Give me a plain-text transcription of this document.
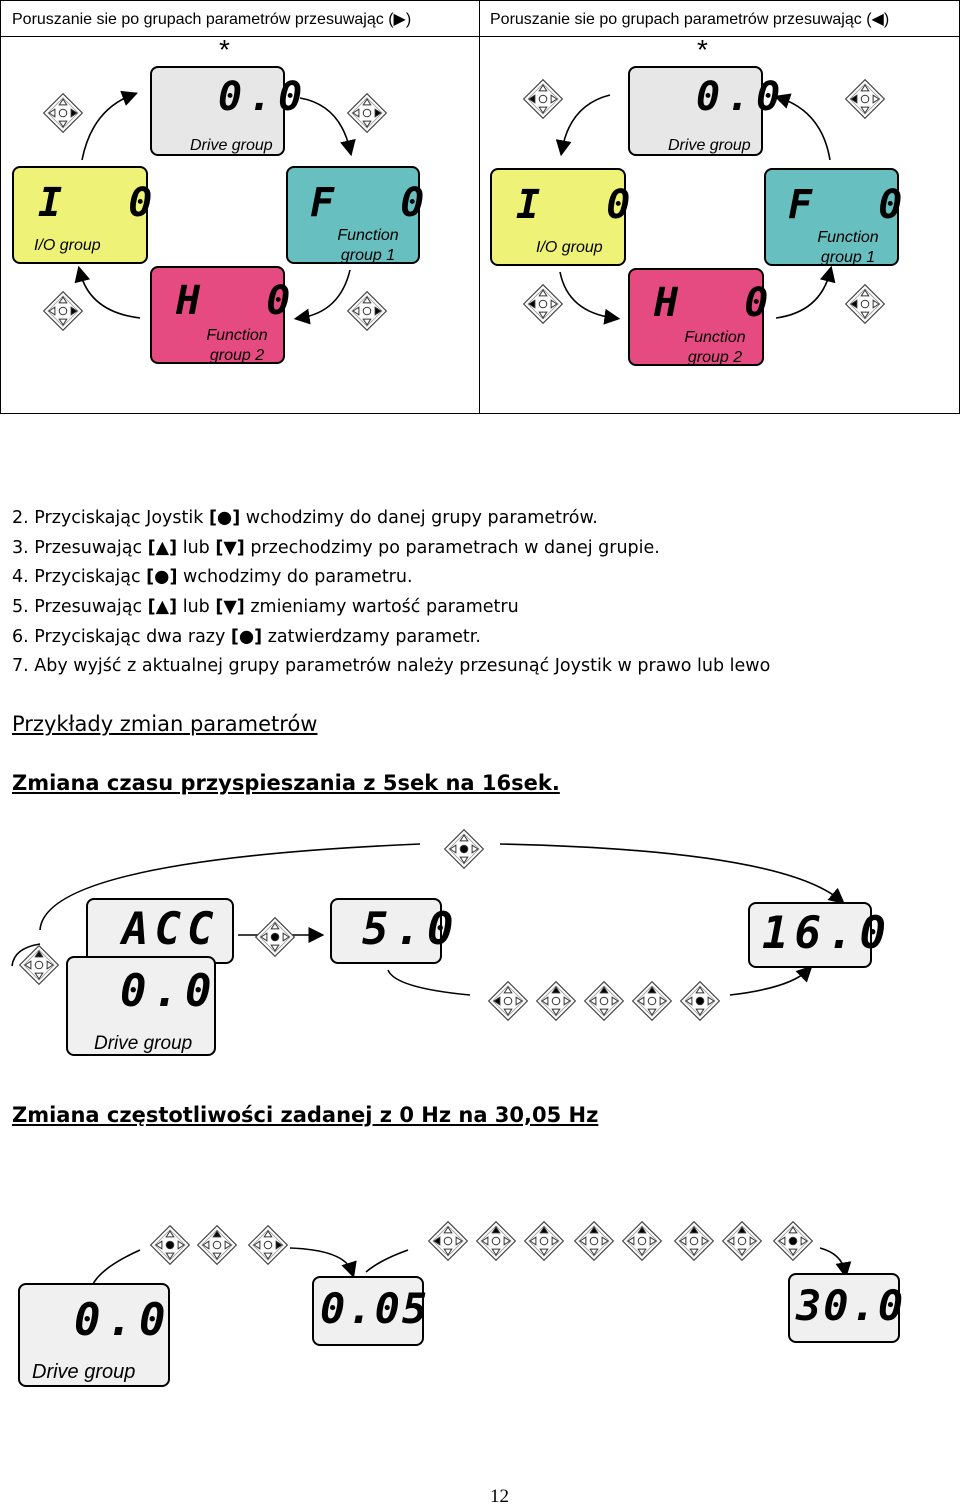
Poruszanie sie po grupach parametrów przesuwając (▶)	Poruszanie sie po grupach parametrów przesuwając (◀)
*	*
0.0
Drive group
I  0
I/O group
F  0
Function
group 1
H  0
Function
group 2
0.0
Drive group
I  0
I/O group
F  0
Function
group 1
H  0
Function
group 2
2. Przyciskając Joystik [●] wchodzimy do danej grupy parametrów.
3. Przesuwając [▲] lub [▼] przechodzimy po parametrach w danej grupie.
4. Przyciskając [●] wchodzimy do parametru.
5. Przesuwając [▲] lub [▼] zmieniamy wartość parametru
6. Przyciskając dwa razy [●] zatwierdzamy parametr.
7. Aby wyjść z aktualnej grupy parametrów należy przesunąć Joystik w prawo lub lewo
Przykłady zmian parametrów
Zmiana czasu przyspieszania z 5sek na 16sek.
ACC
0.0
Drive group
5.0	16.0
Zmiana częstotliwości zadanej z 0 Hz na 30,05 Hz
0.0
Drive group
0.05	30.0
12
